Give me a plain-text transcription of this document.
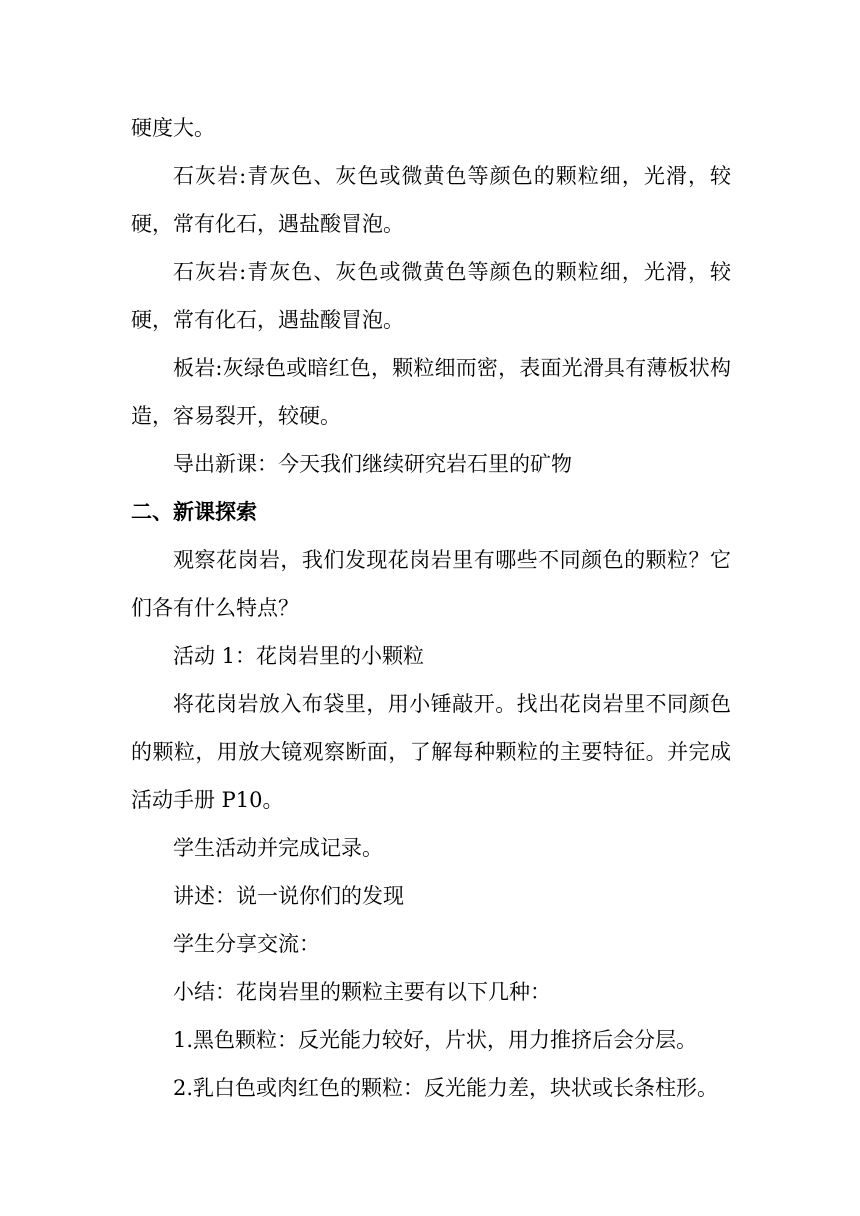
硬度大。

石灰岩:青灰色、灰色或微黄色等颜色的颗粒细，光滑，较硬，常有化石，遇盐酸冒泡。

石灰岩:青灰色、灰色或微黄色等颜色的颗粒细，光滑，较硬，常有化石，遇盐酸冒泡。

板岩:灰绿色或暗红色，颗粒细而密，表面光滑具有薄板状构造，容易裂开，较硬。

导出新课：今天我们继续研究岩石里的矿物

二、新课探索

观察花岗岩，我们发现花岗岩里有哪些不同颜色的颗粒？它们各有什么特点？

活动 1：花岗岩里的小颗粒

将花岗岩放入布袋里，用小锤敲开。找出花岗岩里不同颜色的颗粒，用放大镜观察断面，了解每种颗粒的主要特征。并完成活动手册 P10。

学生活动并完成记录。

讲述：说一说你们的发现

学生分享交流：

小结：花岗岩里的颗粒主要有以下几种：

1.黑色颗粒：反光能力较好，片状，用力推挤后会分层。

2.乳白色或肉红色的颗粒：反光能力差，块状或长条柱形。
